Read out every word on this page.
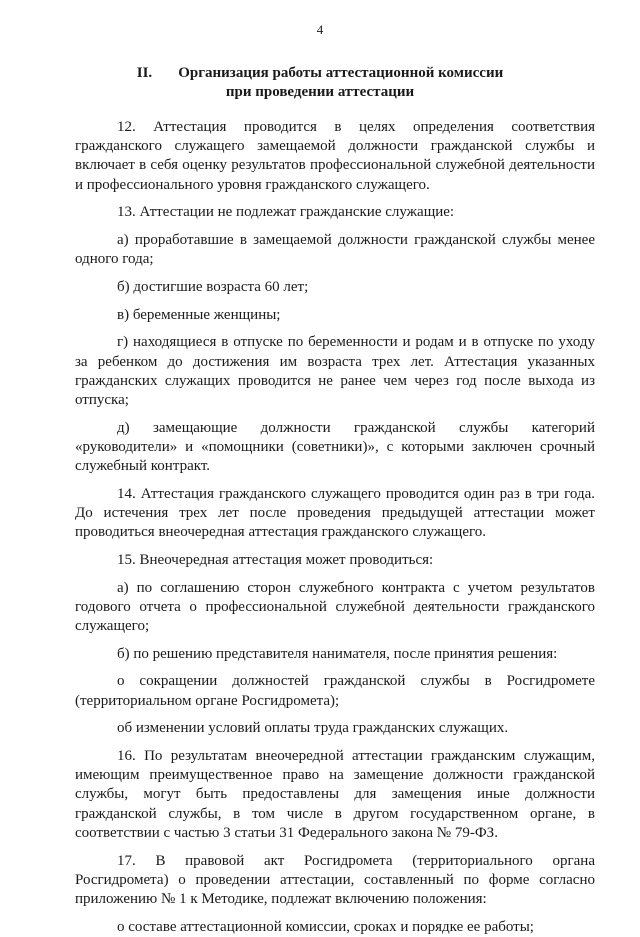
4
II. Организация работы аттестационной комиссии
при проведении аттестации

12. Аттестация проводится в целях определения соответствия гражданского служащего замещаемой должности гражданской службы и включает в себя оценку результатов профессиональной служебной деятельности и профессионального уровня гражданского служащего.

13. Аттестации не подлежат гражданские служащие:

а) проработавшие в замещаемой должности гражданской службы менее одного года;

б) достигшие возраста 60 лет;

в) беременные женщины;

г) находящиеся в отпуске по беременности и родам и в отпуске по уходу за ребенком до достижения им возраста трех лет. Аттестация указанных гражданских служащих проводится не ранее чем через год после выхода из отпуска;

д) замещающие должности гражданской службы категорий «руководители» и «помощники (советники)», с которыми заключен срочный служебный контракт.

14. Аттестация гражданского служащего проводится один раз в три года. До истечения трех лет после проведения предыдущей аттестации может проводиться внеочередная аттестация гражданского служащего.

15. Внеочередная аттестация может проводиться:

а) по соглашению сторон служебного контракта с учетом результатов годового отчета о профессиональной служебной деятельности гражданского служащего;

б) по решению представителя нанимателя, после принятия решения:

о сокращении должностей гражданской службы в Росгидромете (территориальном органе Росгидромета);

об изменении условий оплаты труда гражданских служащих.

16. По результатам внеочередной аттестации гражданским служащим, имеющим преимущественное право на замещение должности гражданской службы, могут быть предоставлены для замещения иные должности гражданской службы, в том числе в другом государственном органе, в соответствии с частью 3 статьи 31 Федерального закона № 79-ФЗ.

17. В правовой акт Росгидромета (территориального органа Росгидромета) о проведении аттестации, составленный по форме согласно приложению № 1 к Методике, подлежат включению положения:

о составе аттестационной комиссии, сроках и порядке ее работы;
